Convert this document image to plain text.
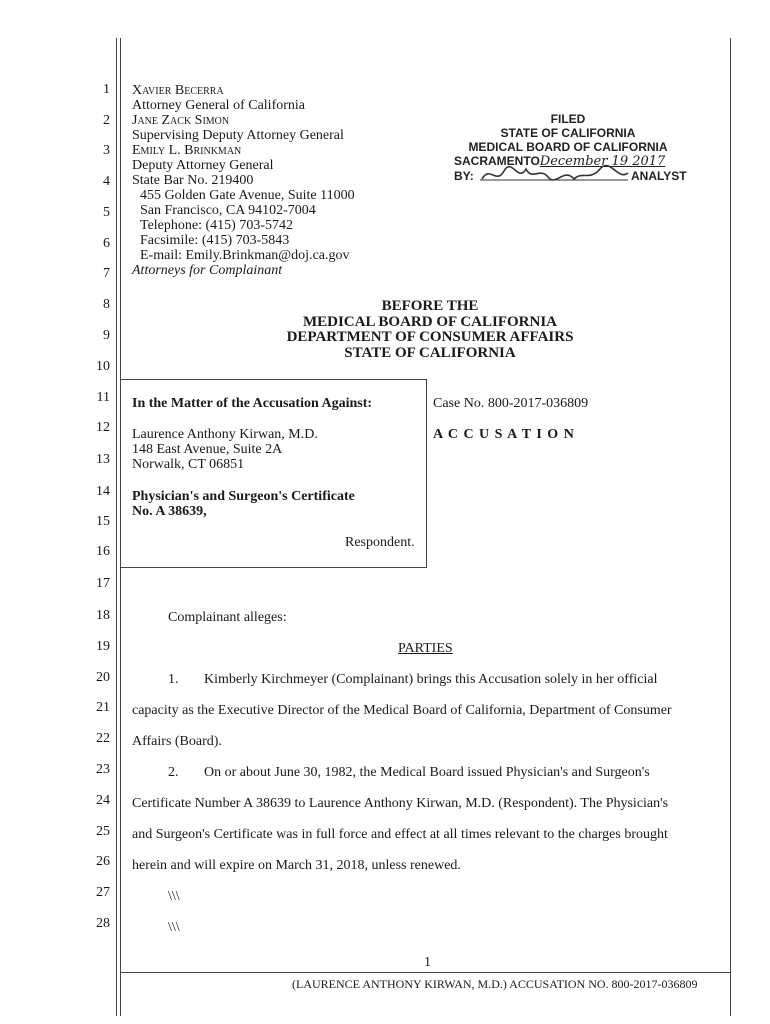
1
2
3
4
5
6
7
8
9
10
11
12
13
14
15
16
17
18
19
20
21
22
23
24
25
26
27
28
Xavier Becerra
Attorney General of California
Jane Zack Simon
Supervising Deputy Attorney General
Emily L. Brinkman
Deputy Attorney General
State Bar No. 219400
455 Golden Gate Avenue, Suite 11000
San Francisco, CA 94102-7004
Telephone: (415) 703-5742
Facsimile: (415) 703-5843
E-mail: Emily.Brinkman@doj.ca.gov
Attorneys for Complainant
FILED
STATE OF CALIFORNIA
MEDICAL BOARD OF CALIFORNIA
SACRAMENTODecember 19 2017
BY:	ANALYST
BEFORE THE
MEDICAL BOARD OF CALIFORNIA
DEPARTMENT OF CONSUMER AFFAIRS
STATE OF CALIFORNIA
In the Matter of the Accusation Against:
Laurence Anthony Kirwan, M.D.
148 East Avenue, Suite 2A
Norwalk, CT 06851
Physician's and Surgeon's Certificate
No. A 38639,
Respondent.
Case No. 800-2017-036809
A C C U S A T I O N
Complainant alleges:
PARTIES
1. Kimberly Kirchmeyer (Complainant) brings this Accusation solely in her official
capacity as the Executive Director of the Medical Board of California, Department of Consumer
Affairs (Board).
2. On or about June 30, 1982, the Medical Board issued Physician's and Surgeon's
Certificate Number A 38639 to Laurence Anthony Kirwan, M.D. (Respondent). The Physician's
and Surgeon's Certificate was in full force and effect at all times relevant to the charges brought
herein and will expire on March 31, 2018, unless renewed.
\\\
\\\
1
(LAURENCE ANTHONY KIRWAN, M.D.) ACCUSATION NO. 800-2017-036809
